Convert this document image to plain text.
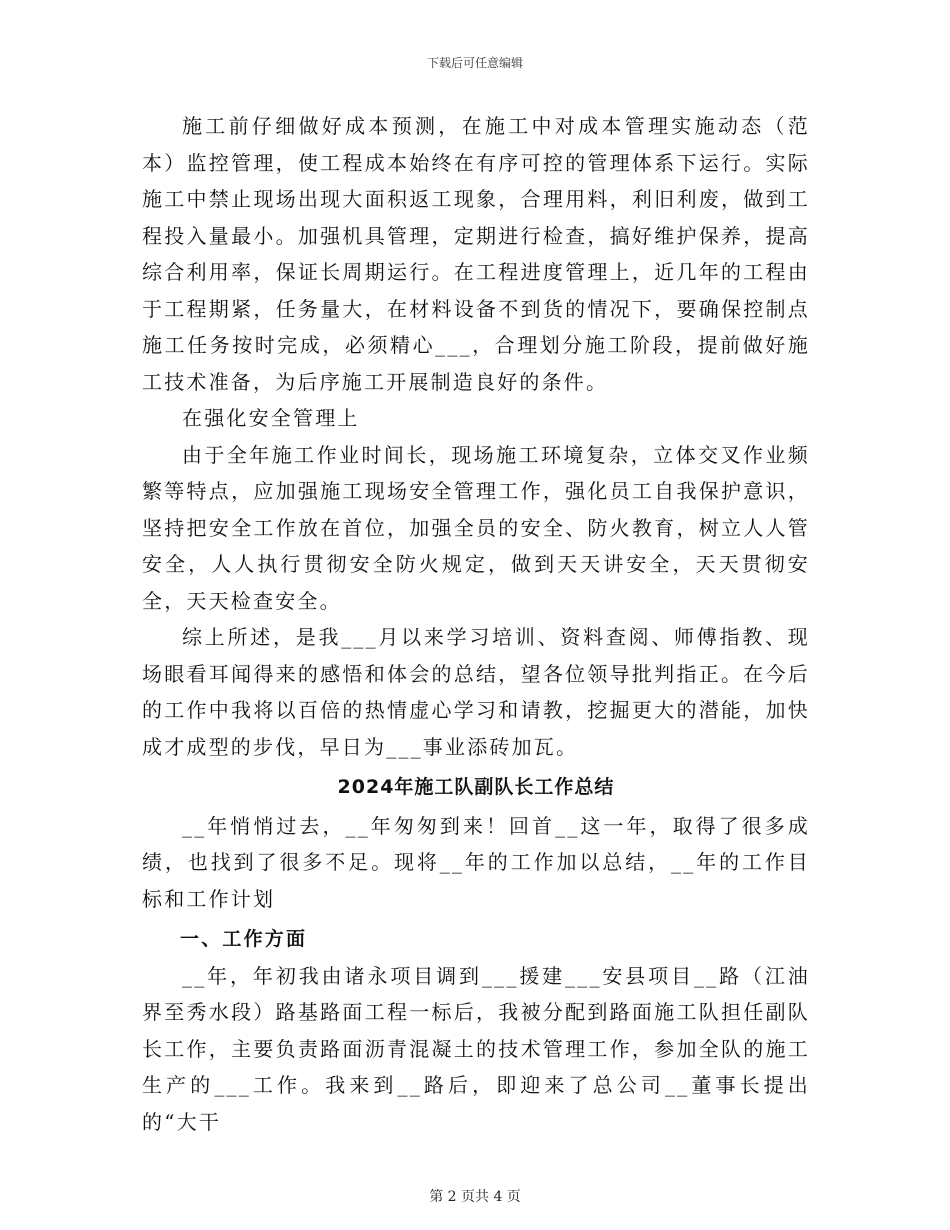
下载后可任意编辑

施工前仔细做好成本预测，在施工中对成本管理实施动态（范本）监控管理，使工程成本始终在有序可控的管理体系下运行。实际施工中禁止现场出现大面积返工现象，合理用料，利旧利废，做到工程投入量最小。加强机具管理，定期进行检查，搞好维护保养，提高综合利用率，保证长周期运行。在工程进度管理上，近几年的工程由于工程期紧，任务量大，在材料设备不到货的情况下，要确保控制点施工任务按时完成，必须精心___，合理划分施工阶段，提前做好施工技术准备，为后序施工开展制造良好的条件。

在强化安全管理上

由于全年施工作业时间长，现场施工环境复杂，立体交叉作业频繁等特点，应加强施工现场安全管理工作，强化员工自我保护意识，坚持把安全工作放在首位，加强全员的安全、防火教育，树立人人管安全，人人执行贯彻安全防火规定，做到天天讲安全，天天贯彻安全，天天检查安全。

综上所述，是我___月以来学习培训、资料查阅、师傅指教、现场眼看耳闻得来的感悟和体会的总结，望各位领导批判指正。在今后的工作中我将以百倍的热情虚心学习和请教，挖掘更大的潜能，加快成才成型的步伐，早日为___事业添砖加瓦。

2024年施工队副队长工作总结

__年悄悄过去，__年匆匆到来！回首__这一年，取得了很多成绩，也找到了很多不足。现将__年的工作加以总结，__年的工作目标和工作计划

一、工作方面

__年，年初我由诸永项目调到___援建___安县项目__路（江油界至秀水段）路基路面工程一标后，我被分配到路面施工队担任副队长工作，主要负责路面沥青混凝土的技术管理工作，参加全队的施工生产的___工作。我来到__路后，即迎来了总公司__董事长提出的“大干

第 2 页共 4 页
